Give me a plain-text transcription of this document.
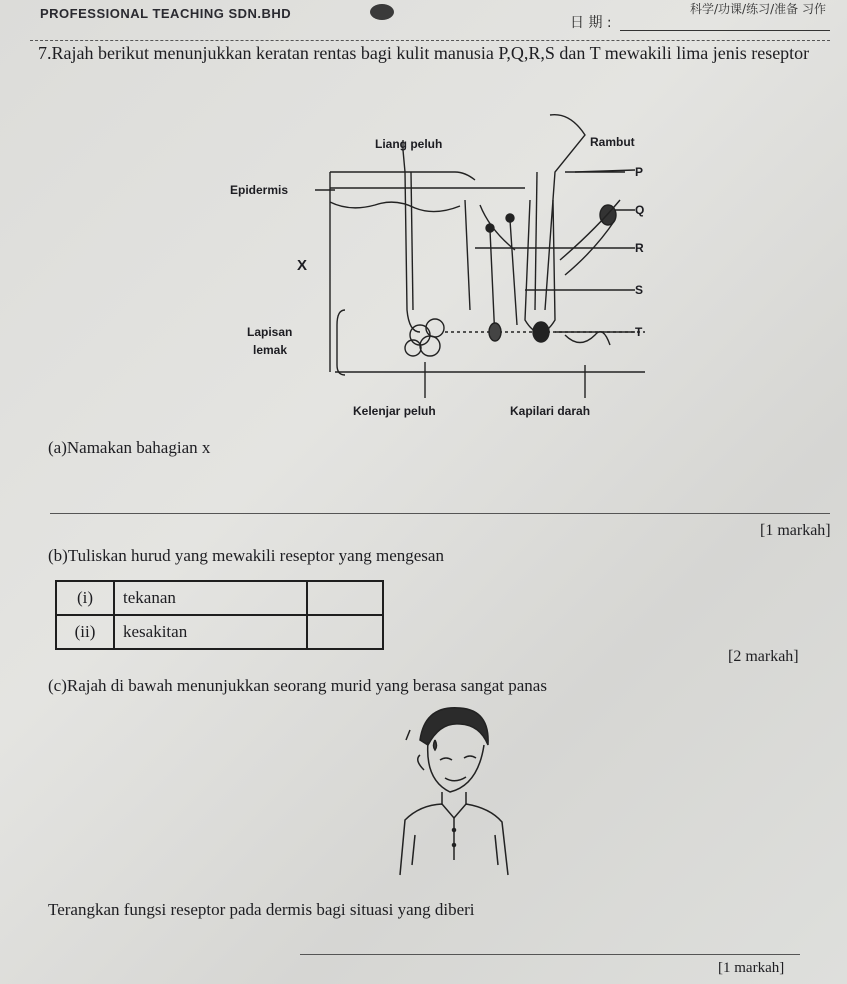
PROFESSIONAL TEACHING SDN.BHD
日 期 :
科学/功课/练习/准备 习作
7.Rajah berikut menunjukkan keratan rentas bagi kulit manusia P,Q,R,S dan T mewakili lima jenis reseptor
Liang peluh	Rambut
P
Q
R
S
T
Epidermis
X
Lapisan
lemak
Kelenjar peluh	Kapilari darah
(a)Namakan bahagian x
[1 markah]
(b)Tuliskan hurud yang mewakili reseptor yang mengesan
(i)	tekanan	
(ii)	kesakitan	
[2 markah]
(c)Rajah di bawah menunjukkan seorang murid yang berasa sangat panas
Terangkan fungsi reseptor pada dermis bagi situasi yang diberi
[1 markah]
